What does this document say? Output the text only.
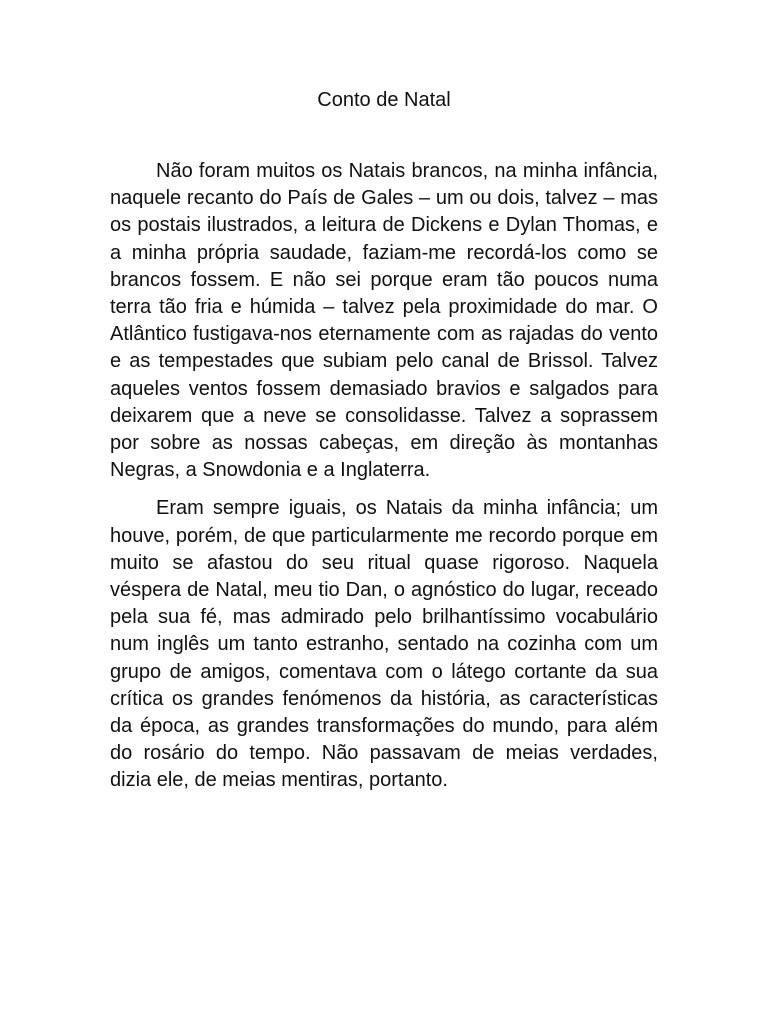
Conto de Natal

Não foram muitos os Natais brancos, na minha infância, naquele recanto do País de Gales – um ou dois, talvez – mas os postais ilustrados, a leitura de Dickens e Dylan Thomas, e a minha própria saudade, faziam-me recordá-los como se brancos fossem. E não sei porque eram tão poucos numa terra tão fria e húmida – talvez pela proximidade do mar. O Atlântico fustigava-nos eternamente com as rajadas do vento e as tempestades que subiam pelo canal de Brissol. Talvez aqueles ventos fossem demasiado bravios e salgados para deixarem que a neve se consolidasse. Talvez a soprassem por sobre as nossas cabeças, em direção às montanhas Negras, a Snowdonia e a Inglaterra.

Eram sempre iguais, os Natais da minha infância; um houve, porém, de que particularmente me recordo porque em muito se afastou do seu ritual quase rigoroso. Naquela véspera de Natal, meu tio Dan, o agnóstico do lugar, receado pela sua fé, mas admirado pelo brilhantíssimo vocabulário num inglês um tanto estranho, sentado na cozinha com um grupo de amigos, comentava com o látego cortante da sua crítica os grandes fenómenos da história, as características da época, as grandes transformações do mundo, para além do rosário do tempo. Não passavam de meias verdades, dizia ele, de meias mentiras, portanto.
